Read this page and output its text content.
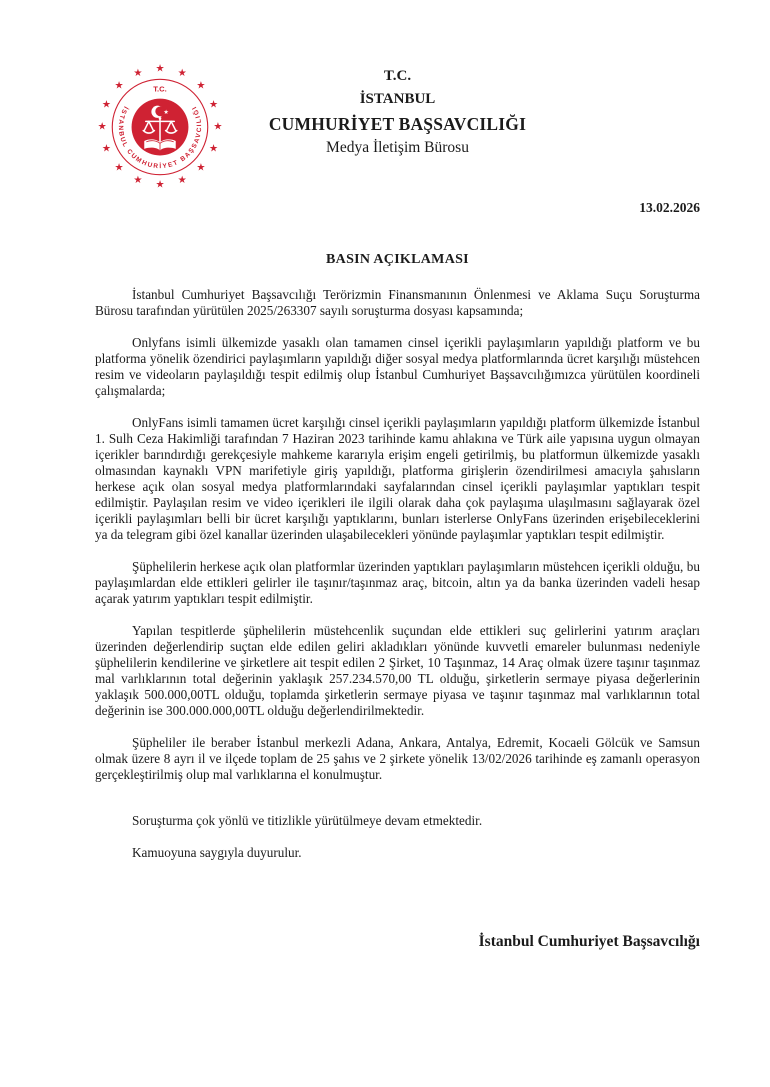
★ ★
★
★
★
★
★
★
★
★
★
★
★
★
★
★
İSTANBUL CUMHURİYET BAŞSAVCILIĞI
T.C.
★
T.C.
İSTANBUL
CUMHURİYET BAŞSAVCILIĞI
Medya İletişim Bürosu
13.02.2026
BASIN AÇIKLAMASI

İstanbul Cumhuriyet Başsavcılığı Terörizmin Finansmanının Önlenmesi ve Aklama Suçu Soruşturma Bürosu tarafından yürütülen 2025/263307 sayılı soruşturma dosyası kapsamında;

Onlyfans isimli ülkemizde yasaklı olan tamamen cinsel içerikli paylaşımların yapıldığı platform ve bu platforma yönelik özendirici paylaşımların yapıldığı diğer sosyal medya platformlarında ücret karşılığı müstehcen resim ve videoların paylaşıldığı tespit edilmiş olup İstanbul Cumhuriyet Başsavcılığımızca yürütülen koordineli çalışmalarda;

OnlyFans isimli tamamen ücret karşılığı cinsel içerikli paylaşımların yapıldığı platform ülkemizde İstanbul 1. Sulh Ceza Hakimliği tarafından 7 Haziran 2023 tarihinde kamu ahlakına ve Türk aile yapısına uygun olmayan içerikler barındırdığı gerekçesiyle mahkeme kararıyla erişim engeli getirilmiş, bu platformun ülkemizde yasaklı olmasından kaynaklı VPN marifetiyle giriş yapıldığı, platforma girişlerin özendirilmesi amacıyla şahısların herkese açık olan sosyal medya platformlarındaki sayfalarından cinsel içerikli paylaşımlar yaptıkları tespit edilmiştir. Paylaşılan resim ve video içerikleri ile ilgili olarak daha çok paylaşıma ulaşılmasını sağlayarak özel içerikli paylaşımları belli bir ücret karşılığı yaptıklarını, bunları isterlerse OnlyFans üzerinden erişebileceklerini ya da telegram gibi özel kanallar üzerinden ulaşabilecekleri yönünde paylaşımlar yaptıkları tespit edilmiştir.

Şüphelilerin herkese açık olan platformlar üzerinden yaptıkları paylaşımların müstehcen içerikli olduğu, bu paylaşımlardan elde ettikleri gelirler ile taşınır/taşınmaz araç, bitcoin, altın ya da banka üzerinden vadeli hesap açarak yatırım yaptıkları tespit edilmiştir.

Yapılan tespitlerde şüphelilerin müstehcenlik suçundan elde ettikleri suç gelirlerini yatırım araçları üzerinden değerlendirip suçtan elde edilen geliri akladıkları yönünde kuvvetli emareler bulunması nedeniyle şüphelilerin kendilerine ve şirketlere ait tespit edilen 2 Şirket, 10 Taşınmaz, 14 Araç olmak üzere taşınır taşınmaz mal varlıklarının total değerinin yaklaşık 257.234.570,00 TL olduğu, şirketlerin sermaye piyasa değerlerinin yaklaşık 500.000,00TL olduğu, toplamda şirketlerin sermaye piyasa ve taşınır taşınmaz mal varlıklarının total değerinin ise 300.000.000,00TL olduğu değerlendirilmektedir.

Şüpheliler ile beraber İstanbul merkezli Adana, Ankara, Antalya, Edremit, Kocaeli Gölcük ve Samsun olmak üzere 8 ayrı il ve ilçede toplam de 25 şahıs ve 2 şirkete yönelik 13/02/2026 tarihinde eş zamanlı operasyon gerçekleştirilmiş olup mal varlıklarına el konulmuştur.

Soruşturma çok yönlü ve titizlikle yürütülmeye devam etmektedir.

Kamuoyuna saygıyla duyurulur.

İstanbul Cumhuriyet Başsavcılığı
